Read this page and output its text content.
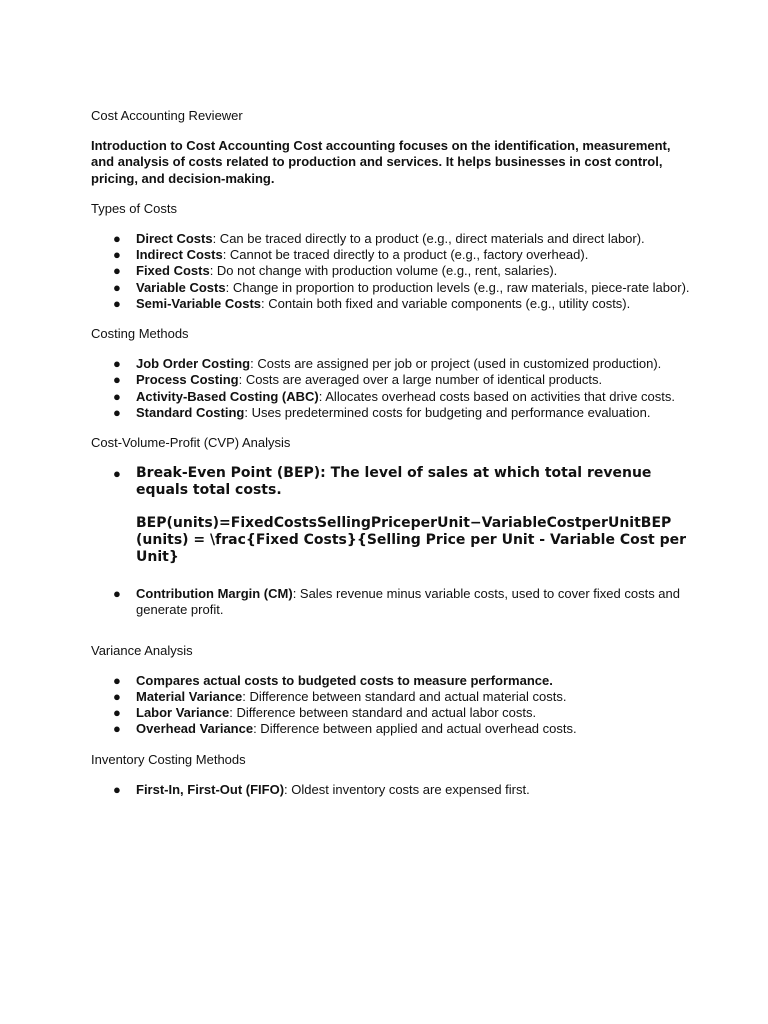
Cost Accounting Reviewer

Introduction to Cost Accounting Cost accounting focuses on the identification, measurement, and analysis of costs related to production and services. It helps businesses in cost control, pricing, and decision-making.

Types of Costs

● Direct Costs: Can be traced directly to a product (e.g., direct materials and direct labor).
● Indirect Costs: Cannot be traced directly to a product (e.g., factory overhead).
● Fixed Costs: Do not change with production volume (e.g., rent, salaries).
● Variable Costs: Change in proportion to production levels (e.g., raw materials, piece-rate labor).
● Semi-Variable Costs: Contain both fixed and variable components (e.g., utility costs).

Costing Methods

● Job Order Costing: Costs are assigned per job or project (used in customized production).
● Process Costing: Costs are averaged over a large number of identical products.
● Activity-Based Costing (ABC): Allocates overhead costs based on activities that drive costs.
● Standard Costing: Uses predetermined costs for budgeting and performance evaluation.

Cost-Volume-Profit (CVP) Analysis

● Break-Even Point (BEP): The level of sales at which total revenue equals total costs.

BEP(units)=FixedCostsSellingPriceperUnit−VariableCostperUnitBEP (units) = \frac{Fixed Costs}{Selling Price per Unit - Variable Cost per Unit}

● Contribution Margin (CM): Sales revenue minus variable costs, used to cover fixed costs and generate profit.

Variance Analysis

● Compares actual costs to budgeted costs to measure performance.
● Material Variance: Difference between standard and actual material costs.
● Labor Variance: Difference between standard and actual labor costs.
● Overhead Variance: Difference between applied and actual overhead costs.

Inventory Costing Methods

● First-In, First-Out (FIFO): Oldest inventory costs are expensed first.
